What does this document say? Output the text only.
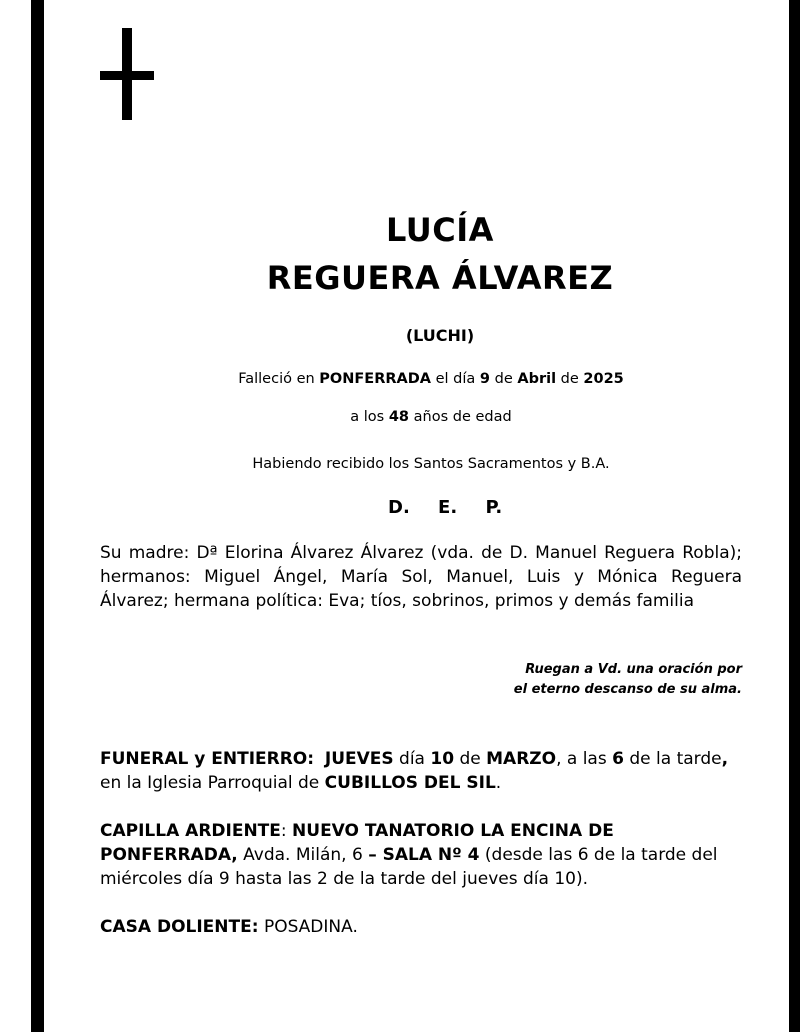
LUCÍA
REGUERA ÁLVAREZ
(LUCHI)
Falleció en PONFERRADA el día 9 de Abril de 2025
a los 48 años de edad
Habiendo recibido los Santos Sacramentos y B.A.
D. E. P.
Su madre: Dª Elorina Álvarez Álvarez (vda. de D. Manuel Reguera Robla); hermanos: Miguel Ángel, María Sol, Manuel, Luis y Mónica Reguera Álvarez; hermana política: Eva; tíos, sobrinos, primos y demás familia
Ruegan a Vd. una oración por
el eterno descanso de su alma.
FUNERAL y ENTIERRO: JUEVES día 10 de MARZO, a las 6 de la tarde, en la Iglesia Parroquial de CUBILLOS DEL SIL.
CAPILLA ARDIENTE: NUEVO TANATORIO LA ENCINA DE PONFERRADA, Avda. Milán, 6 – SALA Nº 4 (desde las 6 de la tarde del miércoles día 9 hasta las 2 de la tarde del jueves día 10).
CASA DOLIENTE: POSADINA.
